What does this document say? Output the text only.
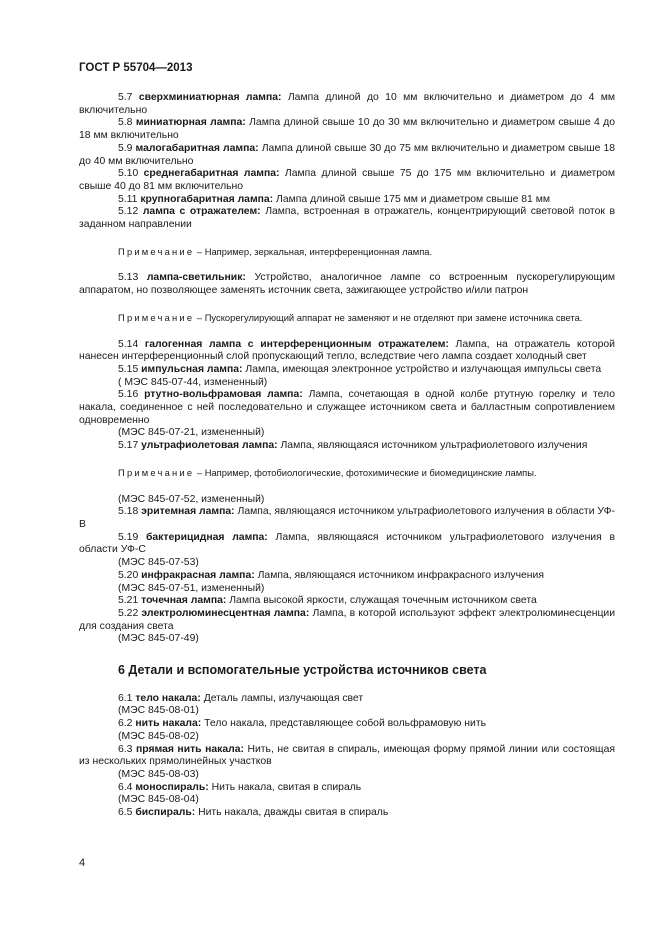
ГОСТ Р 55704—2013
5.7 сверхминиатюрная лампа: Лампа длиной до 10 мм включительно и диаметром до 4 мм включительно
5.8 миниатюрная лампа: Лампа длиной свыше 10 до 30 мм включительно и диаметром свыше 4 до 18 мм включительно
5.9 малогабаритная лампа: Лампа длиной свыше 30 до 75 мм включительно и диаметром свыше 18 до 40 мм включительно
5.10 среднегабаритная лампа: Лампа длиной свыше 75 до 175 мм включительно и диаметром свыше 40 до 81 мм включительно
5.11 крупногабаритная лампа: Лампа длиной свыше 175 мм и диаметром свыше 81 мм
5.12 лампа с отражателем: Лампа, встроенная в отражатель, концентрирующий световой поток в заданном направлении
Примечание – Например, зеркальная, интерференционная лампа.
5.13 лампа-светильник: Устройство, аналогичное лампе со встроенным пускорегулирующим аппаратом, но позволяющее заменять источник света, зажигающее устройство и/или патрон
Примечание – Пускорегулирующий аппарат не заменяют и не отделяют при замене источника света.
5.14 галогенная лампа с интерференционным отражателем: Лампа, на отражатель которой нанесен интерференционный слой пропускающий тепло, вследствие чего лампа создает холодный свет
5.15 импульсная лампа: Лампа, имеющая электронное устройство и излучающая импульсы света
( МЭС 845-07-44, измененный)
5.16 ртутно-вольфрамовая лампа: Лампа, сочетающая в одной колбе ртутную горелку и тело накала, соединенное с ней последовательно и служащее источником света и балластным сопротивлением одновременно
(МЭС 845-07-21, измененный)
5.17 ультрафиолетовая лампа: Лампа, являющаяся источником ультрафиолетового излучения
Примечание – Например, фотобиологические, фотохимические и биомедицинские лампы.
(МЭС 845-07-52, измененный)
5.18 эритемная лампа: Лампа, являющаяся источником ультрафиолетового излучения в области УФ-В
5.19 бактерицидная лампа: Лампа, являющаяся источником ультрафиолетового излучения в области УФ-С
(МЭС 845-07-53)
5.20 инфракрасная лампа: Лампа, являющаяся источником инфракрасного излучения
(МЭС 845-07-51, измененный)
5.21 точечная лампа: Лампа высокой яркости, служащая точечным источником света
5.22 электролюминесцентная лампа: Лампа, в которой используют эффект электролюминесценции для создания света
(МЭС 845-07-49)
6 Детали и вспомогательные устройства источников света
6.1 тело накала: Деталь лампы, излучающая свет
(МЭС 845-08-01)
6.2 нить накала: Тело накала, представляющее собой вольфрамовую нить
(МЭС 845-08-02)
6.3 прямая нить накала: Нить, не свитая в спираль, имеющая форму прямой линии или состоящая из нескольких прямолинейных участков
(МЭС 845-08-03)
6.4 моноспираль: Нить накала, свитая в спираль
(МЭС 845-08-04)
6.5 биспираль: Нить накала, дважды свитая в спираль
4
